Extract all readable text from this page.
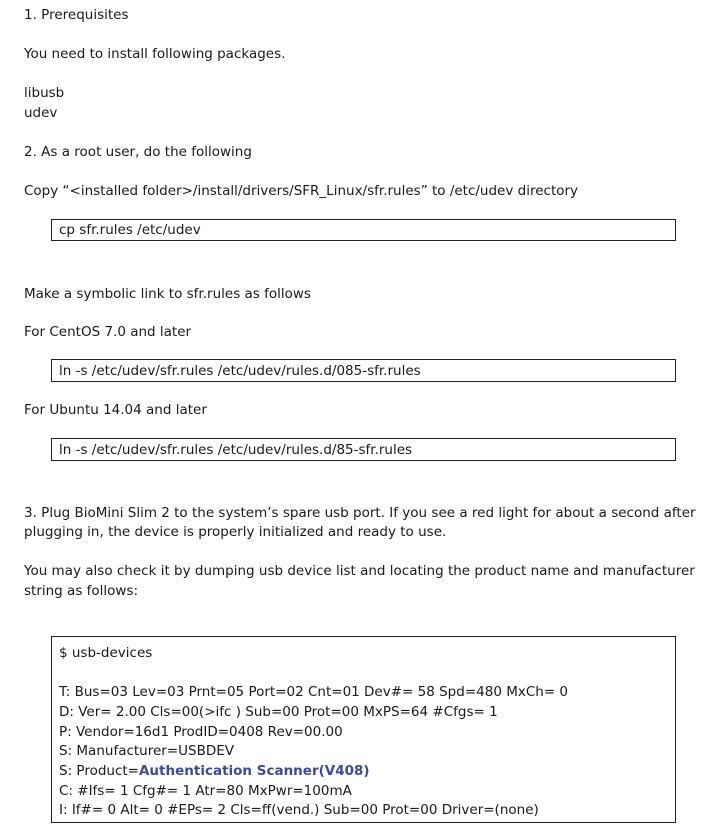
1. Prerequisites
You need to install following packages.
libusb
udev
2. As a root user, do the following
Copy “<installed folder>/install/drivers/SFR_Linux/sfr.rules” to /etc/udev directory
cp sfr.rules /etc/udev
Make a symbolic link to sfr.rules as follows
For CentOS 7.0 and later
ln -s /etc/udev/sfr.rules /etc/udev/rules.d/085-sfr.rules
For Ubuntu 14.04 and later
ln -s /etc/udev/sfr.rules /etc/udev/rules.d/85-sfr.rules
3. Plug BioMini Slim 2 to the system’s spare usb port. If you see a red light for about a second after
plugging in, the device is properly initialized and ready to use.
You may also check it by dumping usb device list and locating the product name and manufacturer
string as follows:
$ usb-devices
T: Bus=03 Lev=03 Prnt=05 Port=02 Cnt=01 Dev#= 58 Spd=480 MxCh= 0
D: Ver= 2.00 Cls=00(>ifc ) Sub=00 Prot=00 MxPS=64 #Cfgs= 1
P: Vendor=16d1 ProdID=0408 Rev=00.00
S: Manufacturer=USBDEV
S: Product=Authentication Scanner(V408)
C: #Ifs= 1 Cfg#= 1 Atr=80 MxPwr=100mA
I: If#= 0 Alt= 0 #EPs= 2 Cls=ff(vend.) Sub=00 Prot=00 Driver=(none)
